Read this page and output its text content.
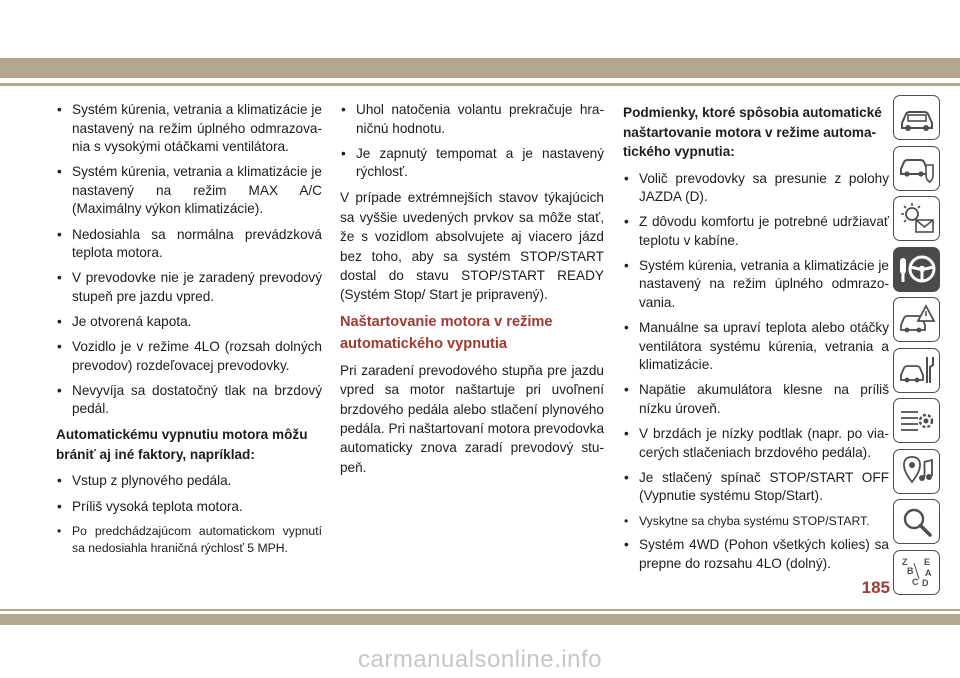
• Systém kúrenia, vetrania a klimatizácie je nastavený na režim úplného odmrazova-nia s vysokými otáčkami ventilátora.
• Systém kúrenia, vetrania a klimatizácie je nastavený na režim MAX A/C (Maximálny výkon klimatizácie).
• Nedosiahla sa normálna prevádzková teplota motora.
• V prevodovke nie je zaradený prevodový stupeň pre jazdu vpred.
• Je otvorená kapota.
• Vozidlo je v režime 4LO (rozsah dolných prevodov) rozdeľovacej prevodovky.
• Nevyvíja sa dostatočný tlak na brzdový pedál.
Automatickému vypnutiu motora môžu brániť aj iné faktory, napríklad:
• Vstup z plynového pedála.
• Príliš vysoká teplota motora.
• Po predchádzajúcom automatickom vypnutí sa nedosiahla hraničná rýchlosť 5 MPH.
• Uhol natočenia volantu prekračuje hra-ničnú hodnotu.
• Je zapnutý tempomat a je nastavený rýchlosť.

V prípade extrémnejších stavov týkajúcich sa vyššie uvedených prvkov sa môže stať, že s vozidlom absolvujete aj viacero jázd bez toho, aby sa systém STOP/START dostal do stavu STOP/START READY (Systém Stop/ Start je pripravený).

Naštartovanie motora v režime automatického vypnutia

Pri zaradení prevodového stupňa pre jazdu vpred sa motor naštartuje pri uvoľnení brzdového pedála alebo stlačení plynového pedála. Pri naštartovaní motora prevodovka automaticky znova zaradí prevodový stu-peň.

Podmienky, ktoré spôsobia automatické naštartovanie motora v režime automa-tického vypnutia:
• Volič prevodovky sa presunie z polohy JAZDA (D).
• Z dôvodu komfortu je potrebné udržiavať teplotu v kabíne.
• Systém kúrenia, vetrania a klimatizácie je nastavený na režim úplného odmrazo-vania.
• Manuálne sa upraví teplota alebo otáčky ventilátora systému kúrenia, vetrania a klimatizácie.
• Napätie akumulátora klesne na príliš nízku úroveň.
• V brzdách je nízky podtlak (napr. po via-cerých stlačeniach brzdového pedála).
• Je stlačený spínač STOP/START OFF (Vypnutie systému Stop/Start).
• Vyskytne sa chyba systému STOP/START.
• Systém 4WD (Pohon všetkých kolies) sa prepne do rozsahu 4LO (dolný).	Z E
B A
C D
185
carmanualsonline.info
